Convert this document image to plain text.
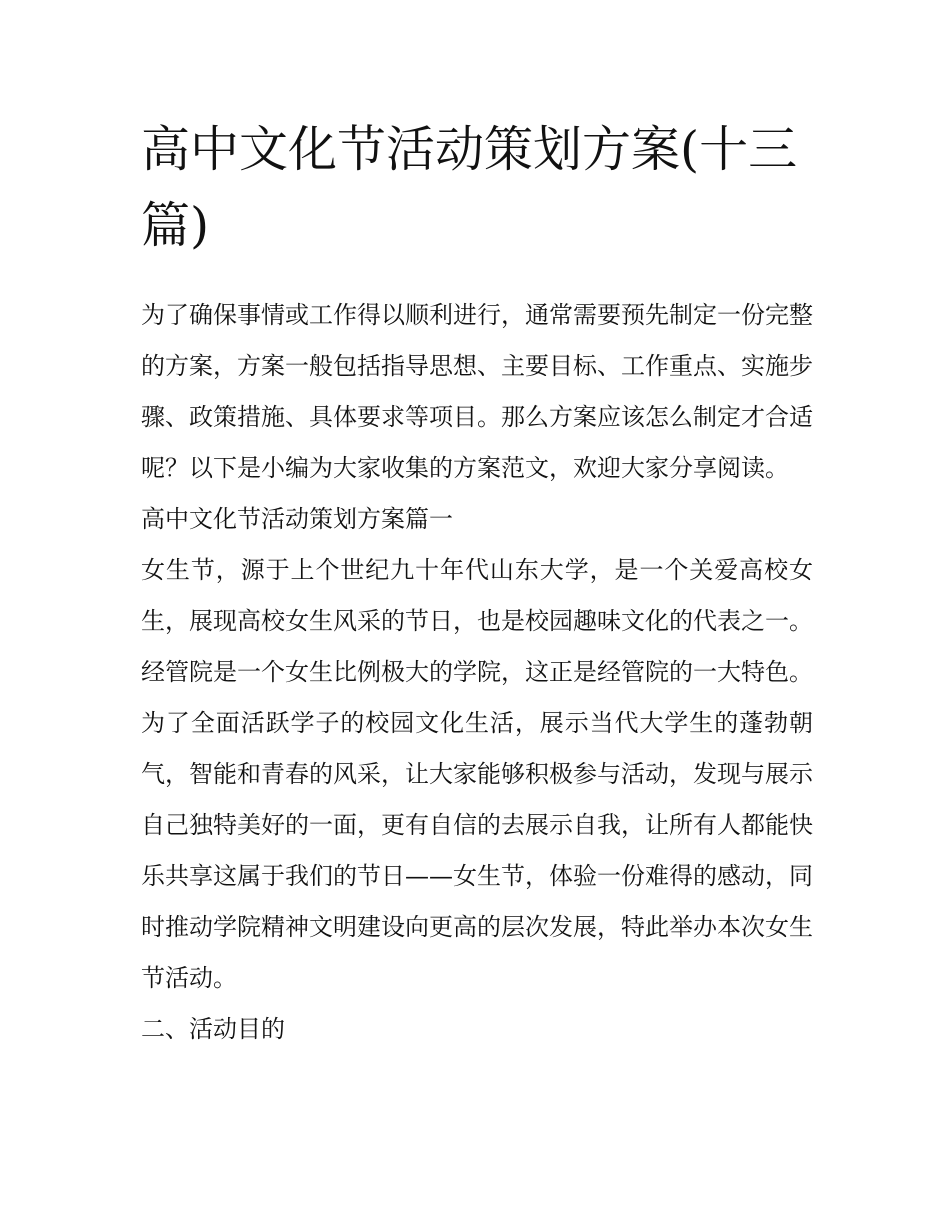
高中文化节活动策划方案(十三篇)

为了确保事情或工作得以顺利进行，通常需要预先制定一份完整的方案，方案一般包括指导思想、主要目标、工作重点、实施步骤、政策措施、具体要求等项目。那么方案应该怎么制定才合适呢？以下是小编为大家收集的方案范文，欢迎大家分享阅读。

高中文化节活动策划方案篇一

女生节，源于上个世纪九十年代山东大学，是一个关爱高校女生，展现高校女生风采的节日，也是校园趣味文化的代表之一。经管院是一个女生比例极大的学院，这正是经管院的一大特色。为了全面活跃学子的校园文化生活，展示当代大学生的蓬勃朝气，智能和青春的风采，让大家能够积极参与活动，发现与展示自己独特美好的一面，更有自信的去展示自我，让所有人都能快乐共享这属于我们的节日——女生节，体验一份难得的感动，同时推动学院精神文明建设向更高的层次发展，特此举办本次女生节活动。

二、活动目的
